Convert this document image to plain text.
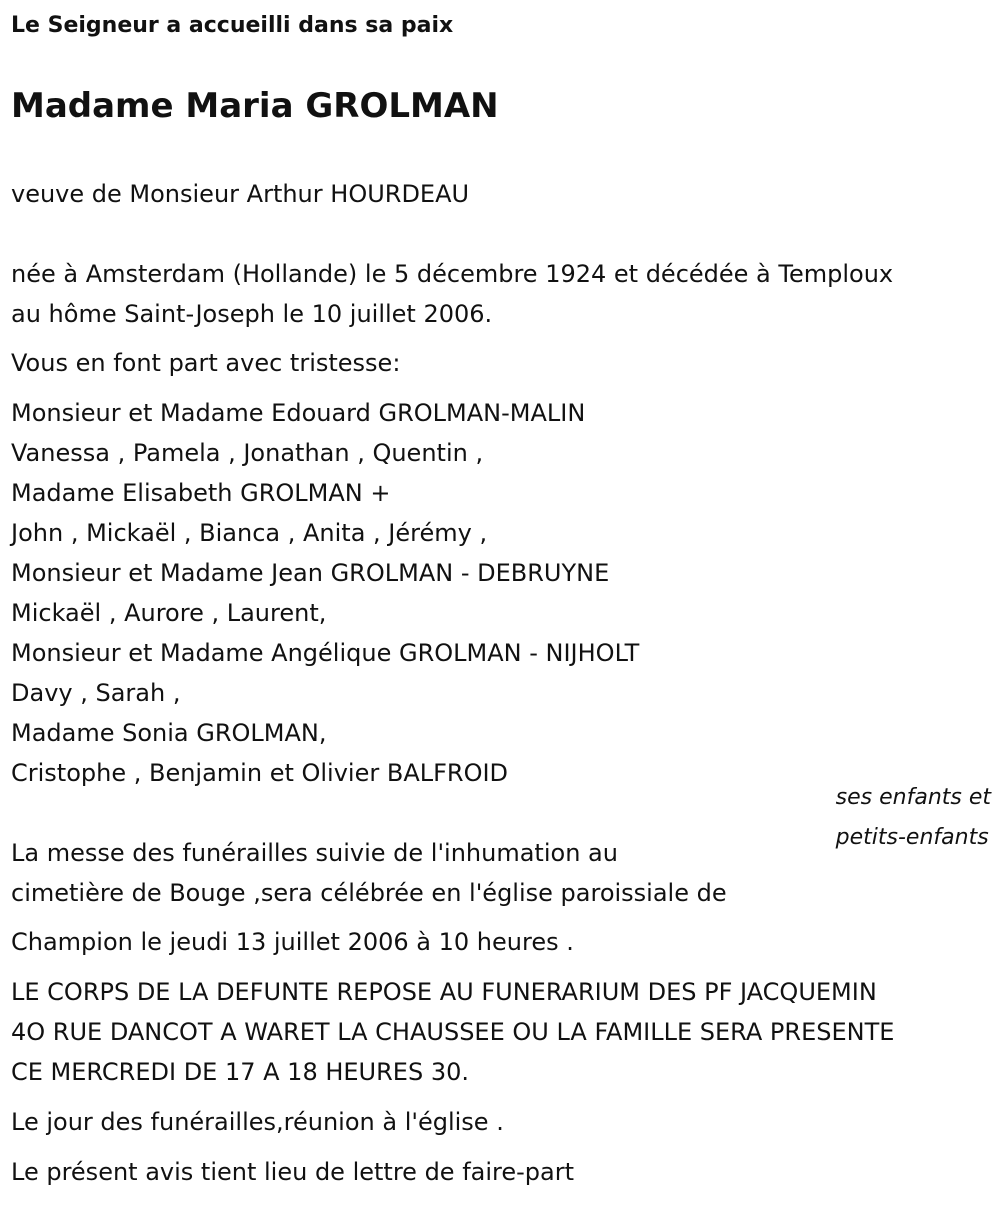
Le Seigneur a accueilli dans sa paix

Madame Maria GROLMAN

veuve de Monsieur Arthur HOURDEAU

née à Amsterdam (Hollande) le 5 décembre 1924 et décédée à Temploux
au hôme Saint-Joseph le 10 juillet 2006.

Vous en font part avec tristesse:

Monsieur et Madame Edouard GROLMAN-MALIN
Vanessa , Pamela , Jonathan , Quentin ,
Madame Elisabeth GROLMAN +
John , Mickaël , Bianca , Anita , Jérémy ,
Monsieur et Madame Jean GROLMAN - DEBRUYNE
Mickaël , Aurore , Laurent,
Monsieur et Madame Angélique GROLMAN - NIJHOLT
Davy , Sarah ,
Madame Sonia GROLMAN,
Cristophe , Benjamin et Olivier BALFROID
ses enfants et
petits-enfants
La messe des funérailles suivie de l'inhumation au
cimetière de Bouge ,sera célébrée en l'église paroissiale de

Champion le jeudi 13 juillet 2006 à 10 heures .

LE CORPS DE LA DEFUNTE REPOSE AU FUNERARIUM DES PF JACQUEMIN
4O RUE DANCOT A WARET LA CHAUSSEE OU LA FAMILLE SERA PRESENTE
CE MERCREDI DE 17 A 18 HEURES 30.

Le jour des funérailles,réunion à l'église .

Le présent avis tient lieu de lettre de faire-part
